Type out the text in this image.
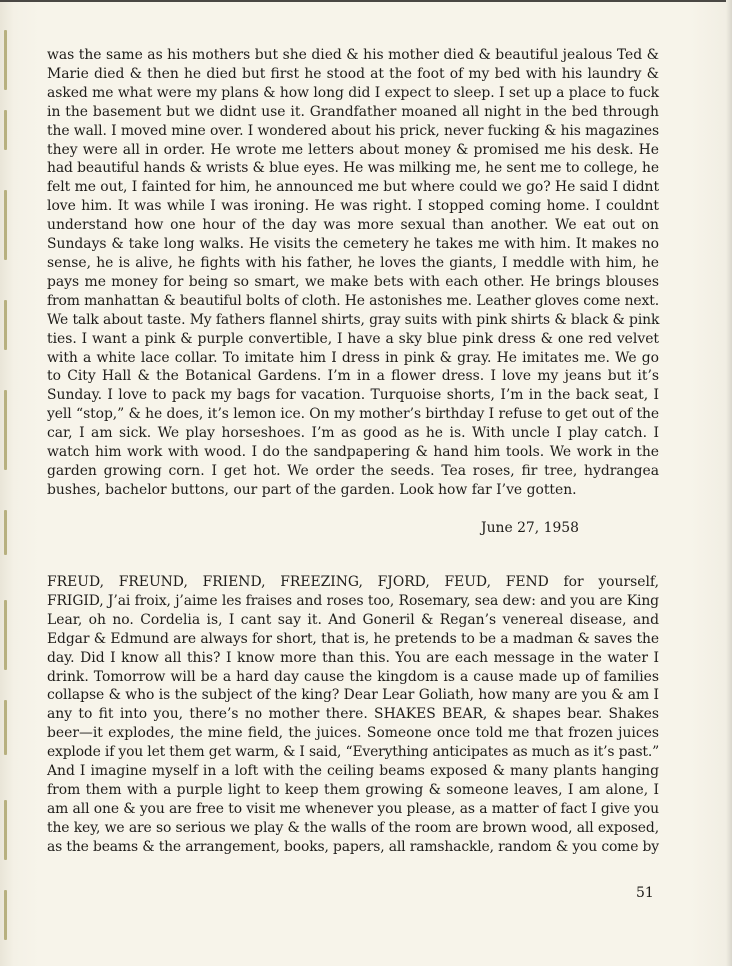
was the same as his mothers but she died & his mother died & beautiful jealous Ted &
Marie died & then he died but first he stood at the foot of my bed with his laundry &
asked me what were my plans & how long did I expect to sleep. I set up a place to fuck
in the basement but we didnt use it. Grandfather moaned all night in the bed through
the wall. I moved mine over. I wondered about his prick, never fucking & his magazines
they were all in order. He wrote me letters about money & promised me his desk. He
had beautiful hands & wrists & blue eyes. He was milking me, he sent me to college, he
felt me out, I fainted for him, he announced me but where could we go? He said I didnt
love him. It was while I was ironing. He was right. I stopped coming home. I couldnt
understand how one hour of the day was more sexual than another. We eat out on
Sundays & take long walks. He visits the cemetery he takes me with him. It makes no
sense, he is alive, he fights with his father, he loves the giants, I meddle with him, he
pays me money for being so smart, we make bets with each other. He brings blouses
from manhattan & beautiful bolts of cloth. He astonishes me. Leather gloves come next.
We talk about taste. My fathers flannel shirts, gray suits with pink shirts & black & pink
ties. I want a pink & purple convertible, I have a sky blue pink dress & one red velvet
with a white lace collar. To imitate him I dress in pink & gray. He imitates me. We go
to City Hall & the Botanical Gardens. I’m in a flower dress. I love my jeans but it’s
Sunday. I love to pack my bags for vacation. Turquoise shorts, I’m in the back seat, I
yell “stop,” & he does, it’s lemon ice. On my mother’s birthday I refuse to get out of the
car, I am sick. We play horseshoes. I’m as good as he is. With uncle I play catch. I
watch him work with wood. I do the sandpapering & hand him tools. We work in the
garden growing corn. I get hot. We order the seeds. Tea roses, fir tree, hydrangea
bushes, bachelor buttons, our part of the garden. Look how far I’ve gotten.
June 27, 1958
FREUD, FREUND, FRIEND, FREEZING, FJORD, FEUD, FEND for yourself,
FRIGID, J’ai froix, j’aime les fraises and roses too, Rosemary, sea dew: and you are King
Lear, oh no. Cordelia is, I cant say it. And Goneril & Regan’s venereal disease, and
Edgar & Edmund are always for short, that is, he pretends to be a madman & saves the
day. Did I know all this? I know more than this. You are each message in the water I
drink. Tomorrow will be a hard day cause the kingdom is a cause made up of families
collapse & who is the subject of the king? Dear Lear Goliath, how many are you & am I
any to fit into you, there’s no mother there. SHAKES BEAR, & shapes bear. Shakes
beer—it explodes, the mine field, the juices. Someone once told me that frozen juices
explode if you let them get warm, & I said, “Everything anticipates as much as it’s past.”
And I imagine myself in a loft with the ceiling beams exposed & many plants hanging
from them with a purple light to keep them growing & someone leaves, I am alone, I
am all one & you are free to visit me whenever you please, as a matter of fact I give you
the key, we are so serious we play & the walls of the room are brown wood, all exposed,
as the beams & the arrangement, books, papers, all ramshackle, random & you come by
51
